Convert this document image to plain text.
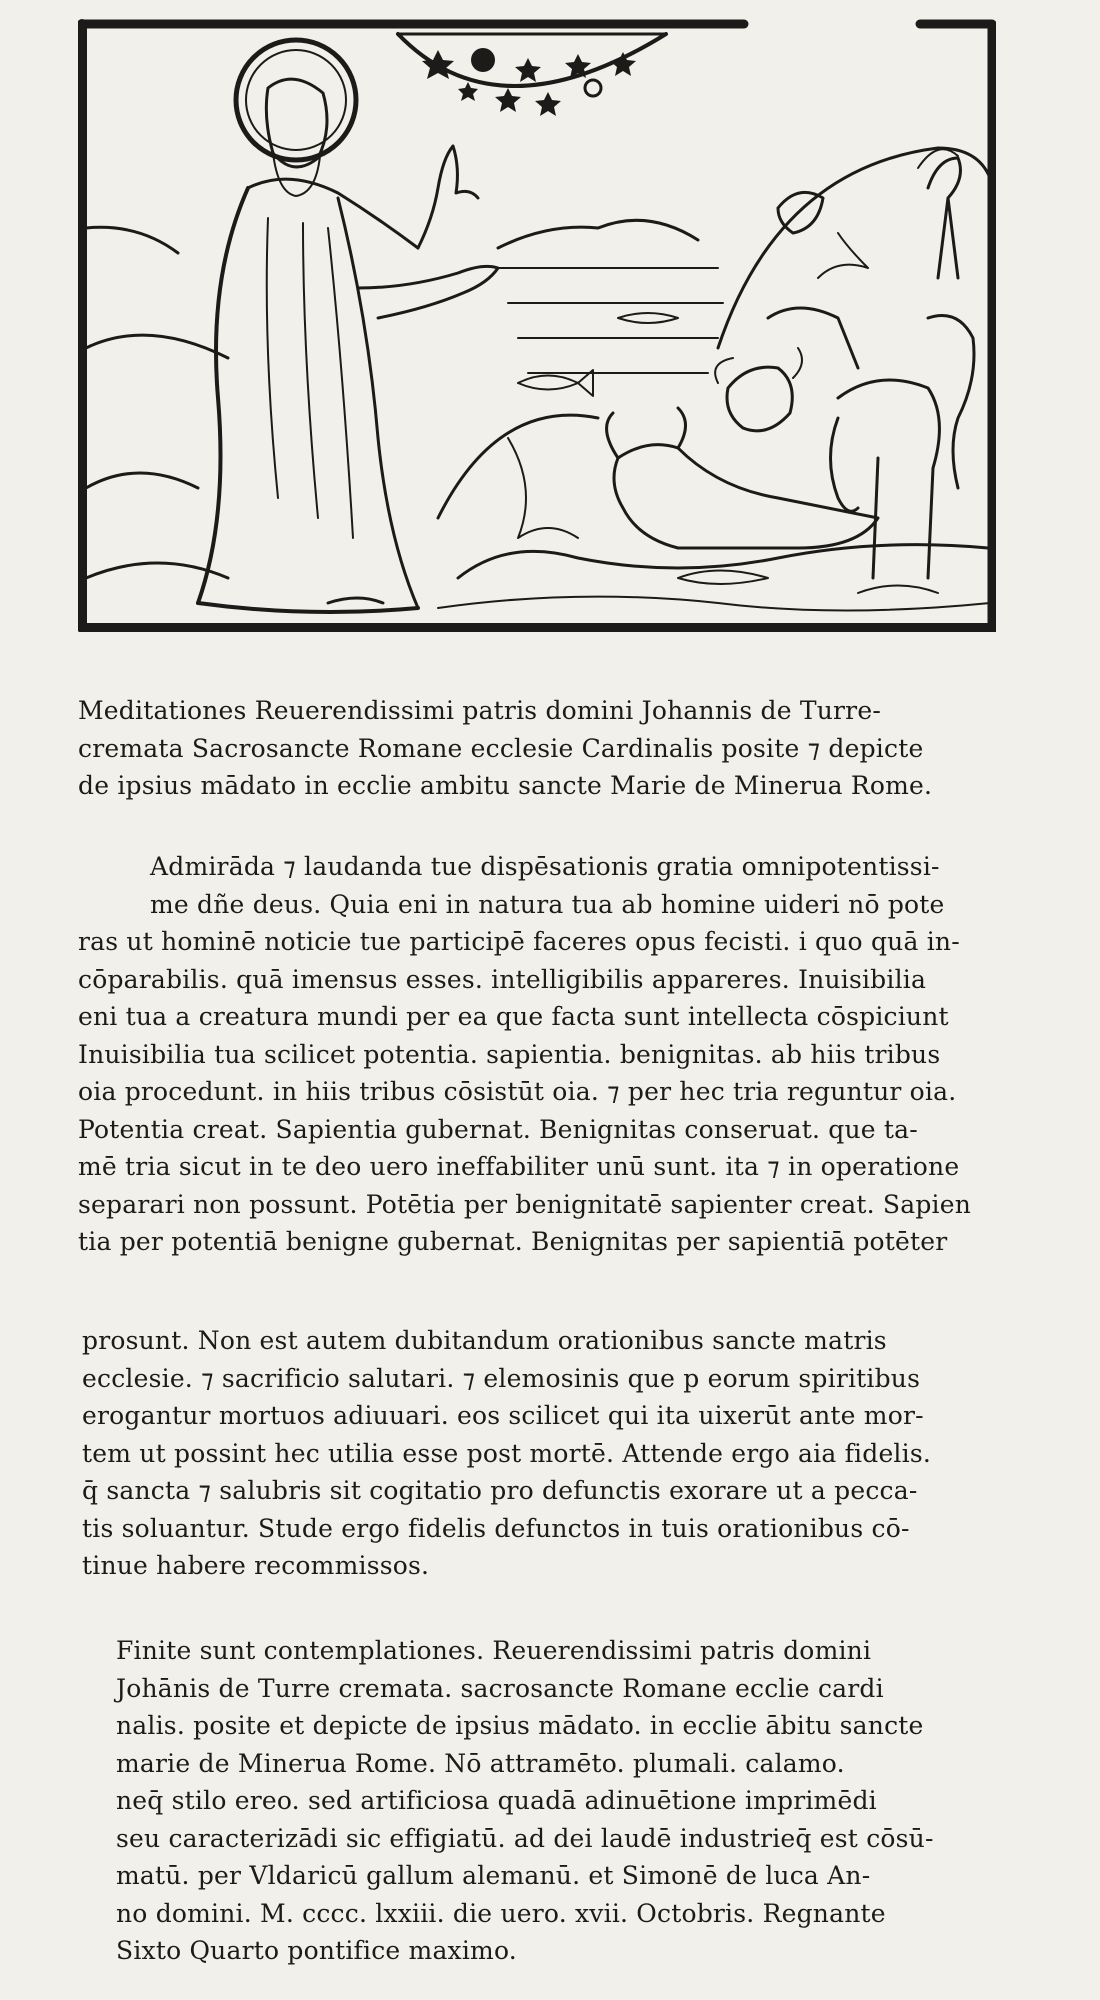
Meditationes Reuerendissimi patris domini Johannis de Turre-
cremata Sacrosancte Romane ecclesie Cardinalis posite ⁊ depicte
de ipsius mādato in ecclie ambitu sancte Marie de Minerua Rome.
Admirāda ⁊ laudanda tue dispēsationis gratia omnipotentissi-
me dñe deus. Quia eni in natura tua ab homine uideri nō pote
ras ut hominē noticie tue participē faceres opus fecisti. i quo quā in-
cōparabilis. quā imensus esses. intelligibilis appareres. Inuisibilia
eni tua a creatura mundi per ea que facta sunt intellecta cōspiciunt
Inuisibilia tua scilicet potentia. sapientia. benignitas. ab hiis tribus
oia procedunt. in hiis tribus cōsistūt oia. ⁊ per hec tria reguntur oia.
Potentia creat. Sapientia gubernat. Benignitas conseruat. que ta-
mē tria sicut in te deo uero ineffabiliter unū sunt. ita ⁊ in operatione
separari non possunt. Potētia per benignitatē sapienter creat. Sapien
tia per potentiā benigne gubernat. Benignitas per sapientiā potēter
prosunt. Non est autem dubitandum orationibus sancte matris
ecclesie. ⁊ sacrificio salutari. ⁊ elemosinis que p eorum spiritibus
erogantur mortuos adiuuari. eos scilicet qui ita uixerūt ante mor-
tem ut possint hec utilia esse post mortē. Attende ergo aia fidelis.
q̄ sancta ⁊ salubris sit cogitatio pro defunctis exorare ut a pecca-
tis soluantur. Stude ergo fidelis defunctos in tuis orationibus cō-
tinue habere recommissos.
Finite sunt contemplationes. Reuerendissimi patris domini
Johānis de Turre cremata. sacrosancte Romane ecclie cardi
nalis. posite et depicte de ipsius mādato. in ecclie ābitu sancte
marie de Minerua Rome. Nō attramēto. plumali. calamo.
neq̄ stilo ereo. sed artificiosa quadā adinuētione imprimēdi
seu caracterizādi sic effigiatū. ad dei laudē industrieq̄ est cōsū-
matū. per Vldaricū gallum alemanū. et Simonē de luca An-
no domini. M. cccc. lxxiii. die uero. xvii. Octobris. Regnante
Sixto Quarto pontifice maximo.
